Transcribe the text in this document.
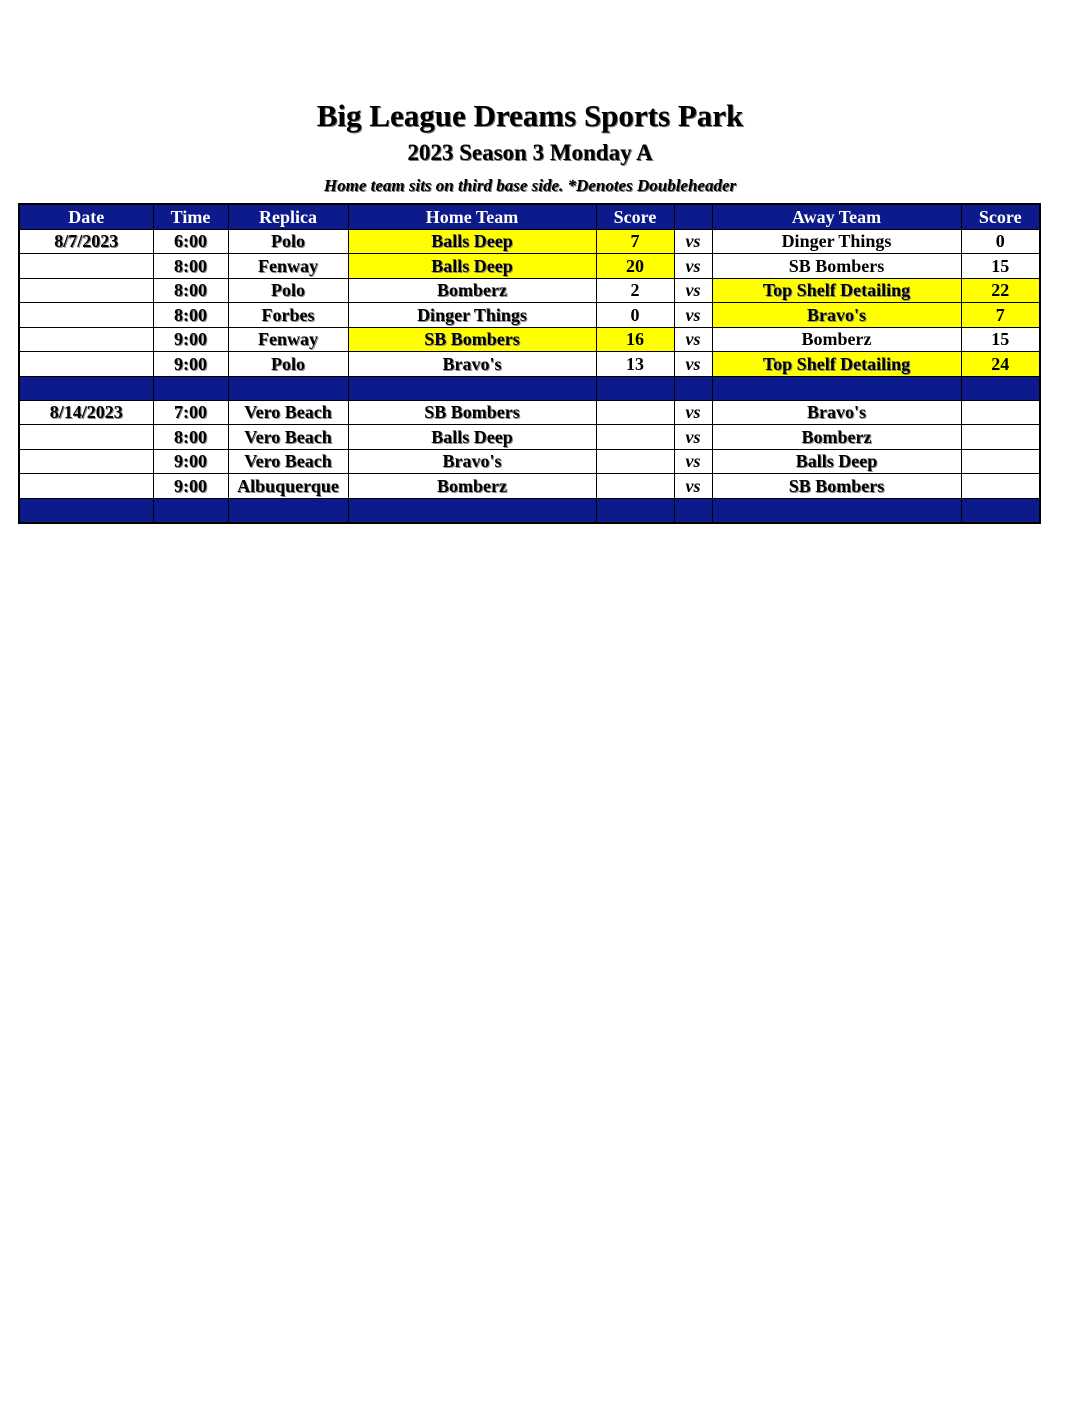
Big League Dreams Sports Park
2023 Season 3 Monday A
Home team sits on third base side. *Denotes Doubleheader
Date	Time	Replica	Home Team	Score		Away Team	Score
8/7/2023	6:00	Polo	Balls Deep	7	vs	Dinger Things	0
	8:00	Fenway	Balls Deep	20	vs	SB Bombers	15
	8:00	Polo	Bomberz	2	vs	Top Shelf Detailing	22
	8:00	Forbes	Dinger Things	0	vs	Bravo's	7
	9:00	Fenway	SB Bombers	16	vs	Bomberz	15
	9:00	Polo	Bravo's	13	vs	Top Shelf Detailing	24

8/14/2023	7:00	Vero Beach	SB Bombers		vs	Bravo's	
	8:00	Vero Beach	Balls Deep		vs	Bomberz	
	9:00	Vero Beach	Bravo's		vs	Balls Deep	
	9:00	Albuquerque	Bomberz		vs	SB Bombers	
